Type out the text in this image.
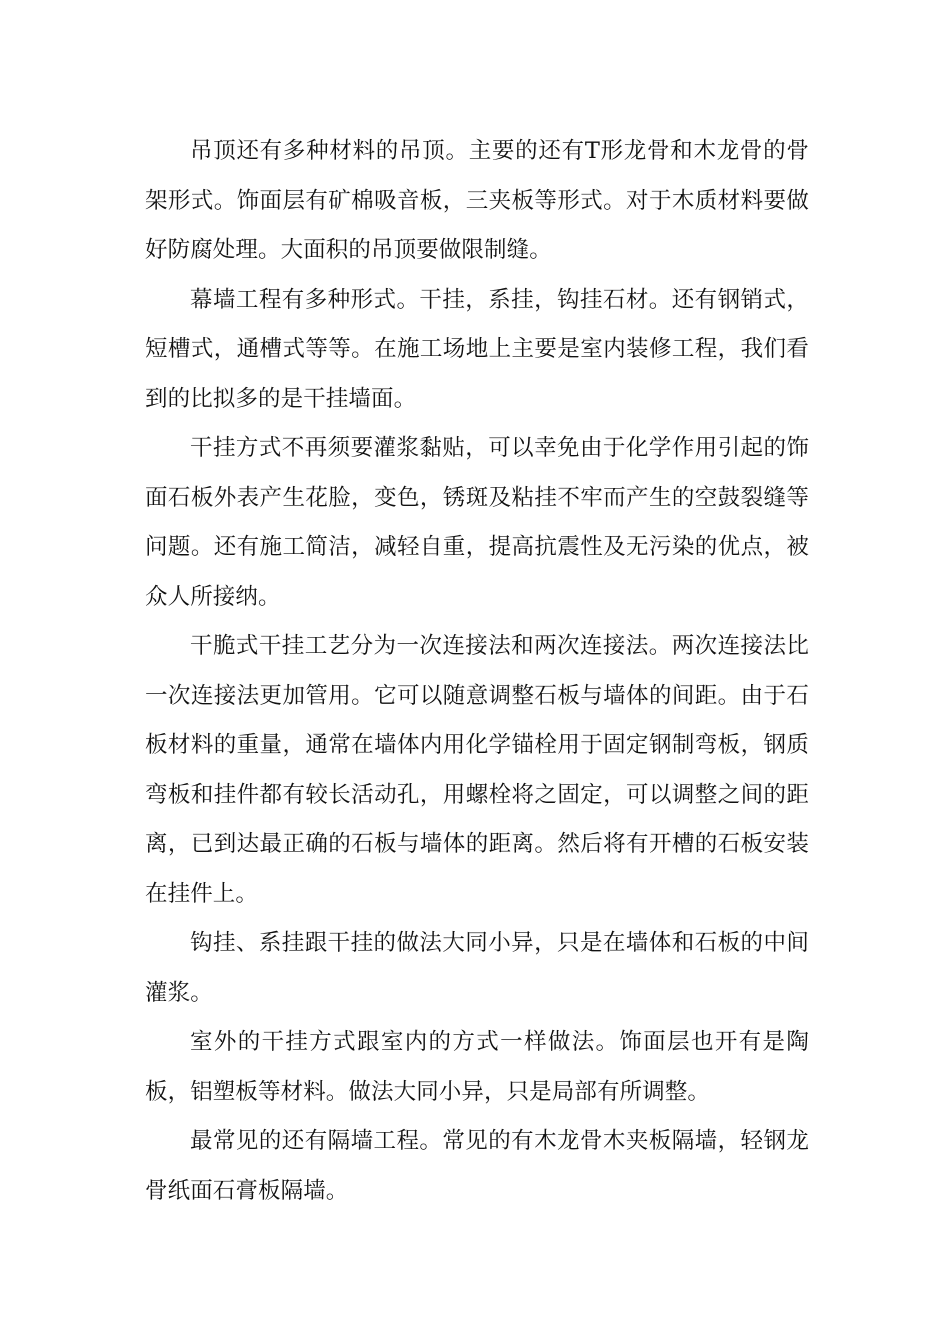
吊顶还有多种材料的吊顶。主要的还有T形龙骨和木龙骨的骨架形式。饰面层有矿棉吸音板，三夹板等形式。对于木质材料要做好防腐处理。大面积的吊顶要做限制缝。

幕墙工程有多种形式。干挂，系挂，钩挂石材。还有钢销式，短槽式，通槽式等等。在施工场地上主要是室内装修工程，我们看到的比拟多的是干挂墙面。

干挂方式不再须要灌浆黏贴，可以幸免由于化学作用引起的饰面石板外表产生花脸，变色，锈斑及粘挂不牢而产生的空鼓裂缝等问题。还有施工简洁，减轻自重，提高抗震性及无污染的优点，被众人所接纳。

干脆式干挂工艺分为一次连接法和两次连接法。两次连接法比一次连接法更加管用。它可以随意调整石板与墙体的间距。由于石板材料的重量，通常在墙体内用化学锚栓用于固定钢制弯板，钢质弯板和挂件都有较长活动孔，用螺栓将之固定，可以调整之间的距离，已到达最正确的石板与墙体的距离。然后将有开槽的石板安装在挂件上。

钩挂、系挂跟干挂的做法大同小异，只是在墙体和石板的中间灌浆。

室外的干挂方式跟室内的方式一样做法。饰面层也开有是陶板，铝塑板等材料。做法大同小异，只是局部有所调整。

最常见的还有隔墙工程。常见的有木龙骨木夹板隔墙，轻钢龙骨纸面石膏板隔墙。
